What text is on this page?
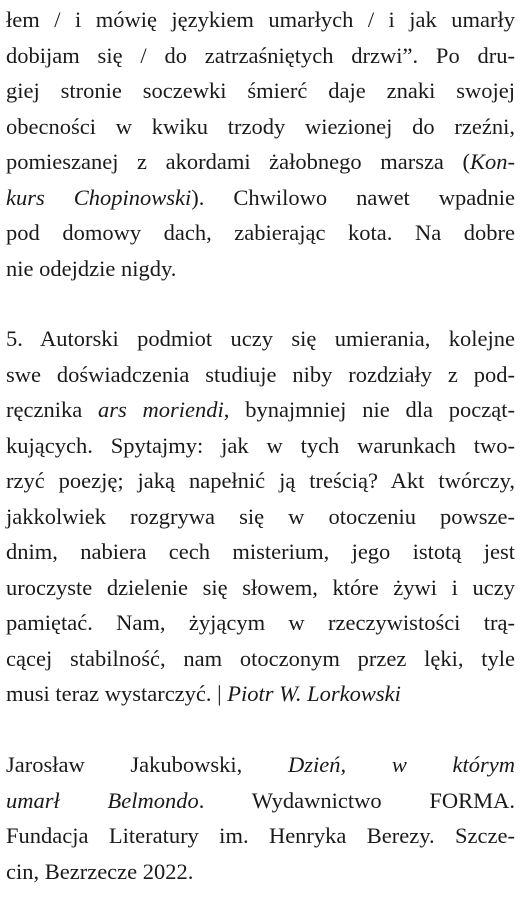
łem / i mówię językiem umarłych / i jak umarły
dobijam się / do zatrzaśniętych drzwi”. Po dru-
giej stronie soczewki śmierć daje znaki swojej
obecności w kwiku trzody wiezionej do rzeźni,
pomieszanej z akordami żałobnego marsza (Kon-
kurs Chopinowski). Chwilowo nawet wpadnie
pod domowy dach, zabierając kota. Na dobre
nie odejdzie nigdy.

5. Autorski podmiot uczy się umierania, kolejne
swe doświadczenia studiuje niby rozdziały z pod-
ręcznika ars moriendi, bynajmniej nie dla począt-
kujących. Spytajmy: jak w tych warunkach two-
rzyć poezję; jaką napełnić ją treścią? Akt twórczy,
jakkolwiek rozgrywa się w otoczeniu powsze-
dnim, nabiera cech misterium, jego istotą jest
uroczyste dzielenie się słowem, które żywi i uczy
pamiętać. Nam, żyjącym w rzeczywistości trą-
cącej stabilność, nam otoczonym przez lęki, tyle
musi teraz wystarczyć. | Piotr W. Lorkowski

Jarosław Jakubowski, Dzień, w którym
umarł Belmondo. Wydawnictwo FORMA.
Fundacja Literatury im. Henryka Berezy. Szcze-
cin, Bezrzecze 2022.
